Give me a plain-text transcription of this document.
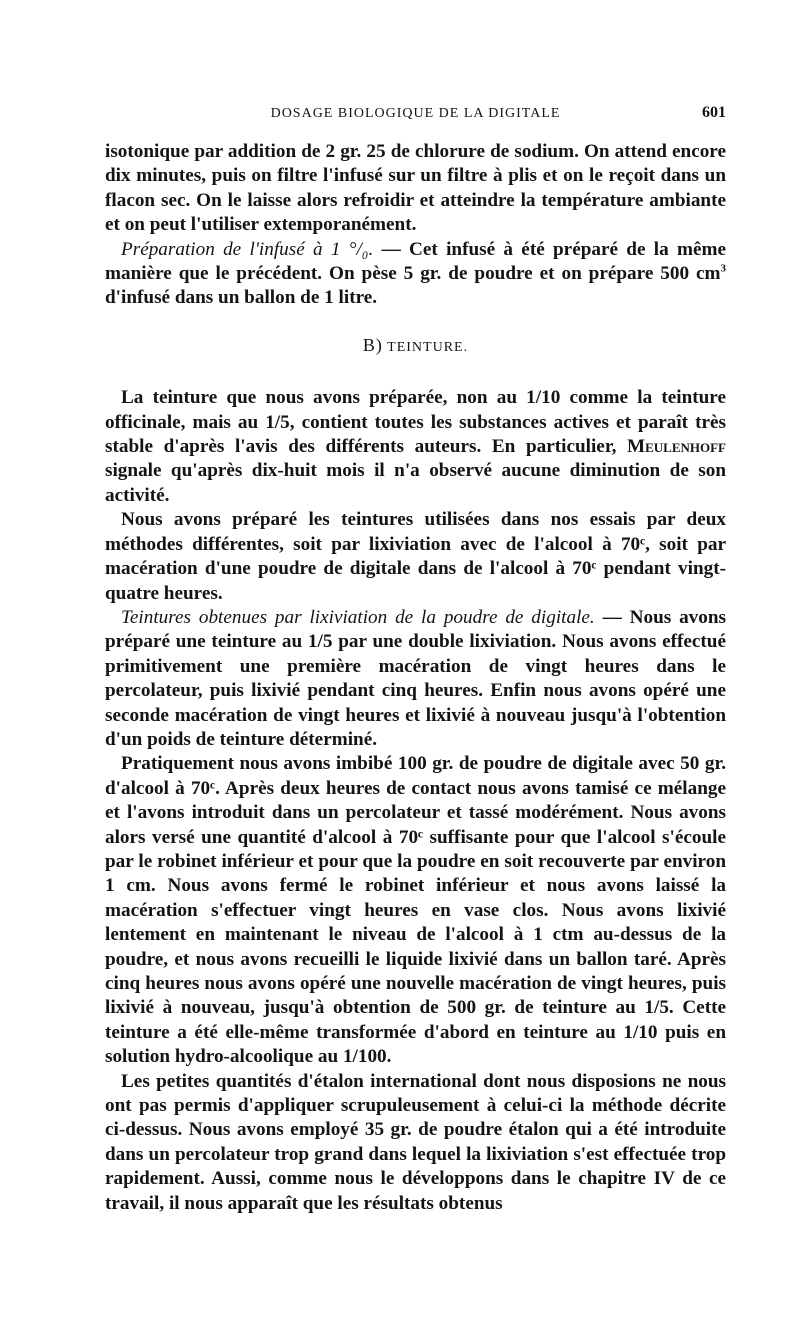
DOSAGE BIOLOGIQUE DE LA DIGITALE	601

isotonique par addition de 2 gr. 25 de chlorure de sodium. On attend encore dix minutes, puis on filtre l'infusé sur un filtre à plis et on le reçoit dans un flacon sec. On le laisse alors refroidir et atteindre la température ambiante et on peut l'utiliser extemporanément.

Préparation de l'infusé à 1 °/₀. — Cet infusé à été préparé de la même manière que le précédent. On pèse 5 gr. de poudre et on prépare 500 $cm^3$ d'infusé dans un ballon de 1 litre.

B) TEINTURE.

La teinture que nous avons préparée, non au 1/10 comme la teinture officinale, mais au 1/5, contient toutes les substances actives et paraît très stable d'après l'avis des différents auteurs. En particulier, Meulenhoff signale qu'après dix-huit mois il n'a observé aucune diminution de son activité.

Nous avons préparé les teintures utilisées dans nos essais par deux méthodes différentes, soit par lixiviation avec de l'alcool à 70ᶜ, soit par macération d'une poudre de digitale dans de l'alcool à 70ᶜ pendant vingt-quatre heures.

Teintures obtenues par lixiviation de la poudre de digitale. — Nous avons préparé une teinture au 1/5 par une double lixiviation. Nous avons effectué primitivement une première macération de vingt heures dans le percolateur, puis lixivié pendant cinq heures. Enfin nous avons opéré une seconde macération de vingt heures et lixivié à nouveau jusqu'à l'obtention d'un poids de teinture déterminé.

Pratiquement nous avons imbibé 100 gr. de poudre de digitale avec 50 gr. d'alcool à 70ᶜ. Après deux heures de contact nous avons tamisé ce mélange et l'avons introduit dans un percolateur et tassé modérément. Nous avons alors versé une quantité d'alcool à 70ᶜ suffisante pour que l'alcool s'écoule par le robinet inférieur et pour que la poudre en soit recouverte par environ 1 cm. Nous avons fermé le robinet inférieur et nous avons laissé la macération s'effectuer vingt heures en vase clos. Nous avons lixivié lentement en maintenant le niveau de l'alcool à 1 ctm au-dessus de la poudre, et nous avons recueilli le liquide lixivié dans un ballon taré. Après cinq heures nous avons opéré une nouvelle macération de vingt heures, puis lixivié à nouveau, jusqu'à obtention de 500 gr. de teinture au 1/5. Cette teinture a été elle-même transformée d'abord en teinture au 1/10 puis en solution hydro-alcoolique au 1/100.

Les petites quantités d'étalon international dont nous disposions ne nous ont pas permis d'appliquer scrupuleusement à celui-ci la méthode décrite ci-dessus. Nous avons employé 35 gr. de poudre étalon qui a été introduite dans un percolateur trop grand dans lequel la lixiviation s'est effectuée trop rapidement. Aussi, comme nous le développons dans le chapitre IV de ce travail, il nous apparaît que les résultats obtenus
